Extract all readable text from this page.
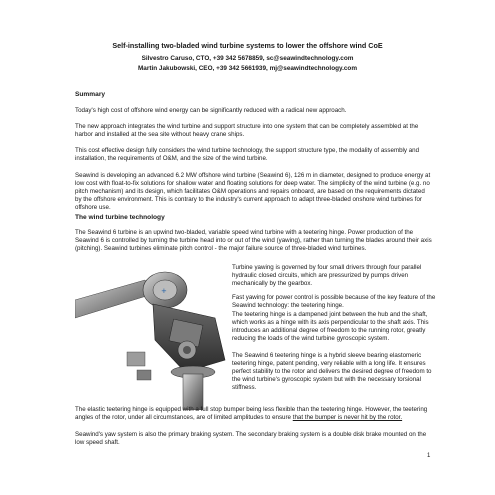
Self-installing two-bladed wind turbine systems to lower the offshore wind CoE
Silvestro Caruso, CTO, +39 342 5678859, sc@seawindtechnology.com
Martin Jakubowski, CEO, +39 342 5661939, mj@seawindtechnology.com
Summary
Today's high cost of offshore wind energy can be significantly reduced with a radical new approach.
The new approach integrates the wind turbine and support structure into one system that can be completely assembled at the harbor and installed at the sea site without heavy crane ships.
This cost effective design fully considers the wind turbine technology, the support structure type, the modality of assembly and installation, the requirements of O&M, and the size of the wind turbine.
Seawind is developing an advanced 6.2 MW offshore wind turbine (Seawind 6), 126 m in diameter, designed to produce energy at low cost with float-to-fix solutions for shallow water and floating solutions for deep water. The simplicity of the wind turbine (e.g. no pitch mechanism) and its design, which facilitates O&M operations and repairs onboard, are based on the requirements dictated by the offshore environment. This is contrary to the industry's current approach to adapt three-bladed onshore wind turbines for offshore use.
The wind turbine technology
The Seawind 6 turbine is an upwind two-bladed, variable speed wind turbine with a teetering hinge. Power production of the Seawind 6 is controlled by turning the turbine head into or out of the wind (yawing), rather than turning the blades around their axis (pitching). Seawind turbines eliminate pitch control - the major failure source of three-bladed wind turbines.
+
Turbine yawing is governed by four small drivers through four parallel hydraulic closed circuits, which are pressurized by pumps driven mechanically by the gearbox.
Fast yawing for power control is possible because of the key feature of the Seawind technology: the teetering hinge.
The teetering hinge is a dampened joint between the hub and the shaft, which works as a hinge with its axis perpendicular to the shaft axis. This introduces an additional degree of freedom to the running rotor, greatly reducing the loads of the wind turbine gyroscopic system.
The Seawind 6 teetering hinge is a hybrid sleeve bearing elastomeric teetering hinge, patent pending, very reliable with a long life. It ensures perfect stability to the rotor and delivers the desired degree of freedom to the wind turbine's gyroscopic system but with the necessary torsional stiffness.
The elastic teetering hinge is equipped with a full stop bumper being less flexible than the teetering hinge. However, the teetering angles of the rotor, under all circumstances, are of limited amplitudes to ensure that the bumper is never hit by the rotor.
Seawind's yaw system is also the primary braking system. The secondary braking system is a double disk brake mounted on the low speed shaft.
1
